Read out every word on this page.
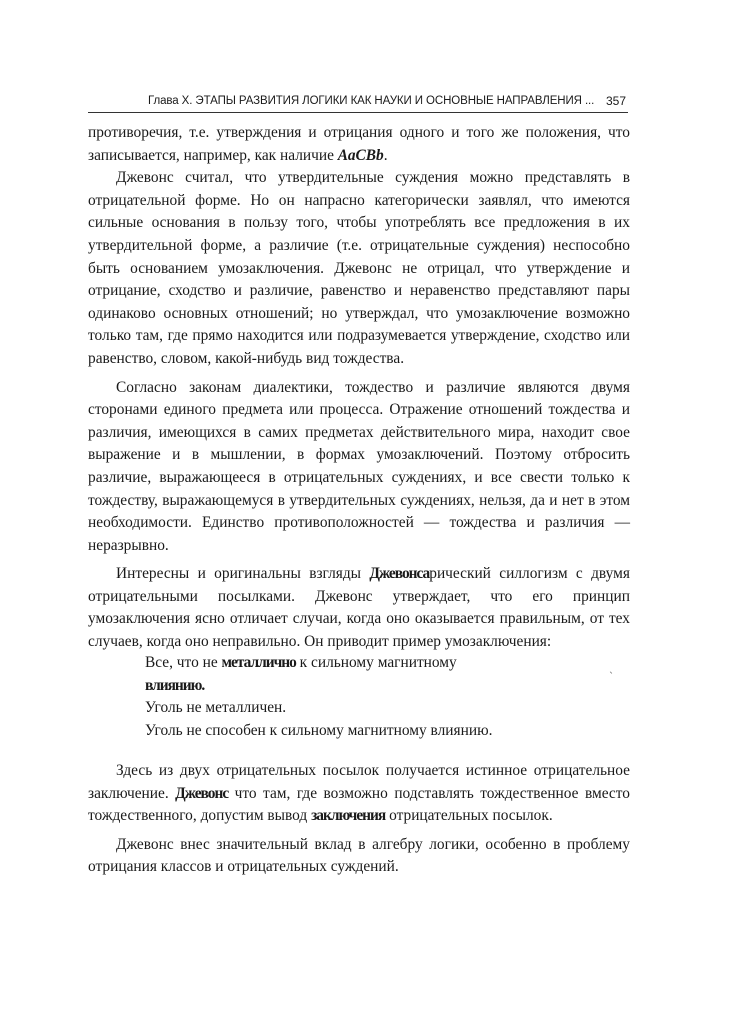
Глава Х. ЭТАПЫ РАЗВИТИЯ ЛОГИКИ КАК НАУКИ И ОСНОВНЫЕ НАПРАВЛЕНИЯ ... 357

противоречия, т.е. утверждения и отрицания одного и того же положения, что записывается, например, как наличие АаСВb.

Джевонс считал, что утвердительные суждения можно представлять в отрицательной форме. Но он напрасно категорически заявлял, что имеются сильные основания в пользу того, чтобы употреблять все предложения в их утвердительной форме, а различие (т.е. отрицательные суждения) неспособно быть основанием умозаключения. Джевонс не отрицал, что утверждение и отрицание, сходство и различие, равенство и неравенство представляют пары одинаково основных отношений; но утверждал, что умозаключение возможно только там, где прямо находится или подразумевается утверждение, сходство или равенство, словом, какой-нибудь вид тождества.

Согласно законам диалектики, тождество и различие являются двумя сторонами единого предмета или процесса. Отражение отношений тождества и различия, имеющихся в самих предметах действительного мира, находит свое выражение и в мышлении, в формах умозаключений. Поэтому отбросить различие, выражающееся в отрицательных суждениях, и все свести только к тождеству, выражающемуся в утвердительных суждениях, нельзя, да и нет в этом необходимости. Единство противоположностей — тождества и различия — неразрывно.

Интересны и оригинальны взгляды Джевонсарический силлогизм с двумя отрицательными посылками. Джевонс утверждает, что его принцип умозаключения ясно отличает случаи, когда оно оказывается правильным, от тех случаев, когда оно неправильно. Он приводит пример умозаключения:

Все, что не металлично к сильному магнитному

влиянию.

Уголь не металличен.

Уголь не способен к сильному магнитному влиянию.

ˎ

Здесь из двух отрицательных посылок получается истинное отрицательное заключение. Джевонс что там, где возможно подставлять тождественное вместо тождественного, допустим вывод заключения отрицательных посылок.

Джевонс внес значительный вклад в алгебру логики, особенно в проблему отрицания классов и отрицательных суждений.
